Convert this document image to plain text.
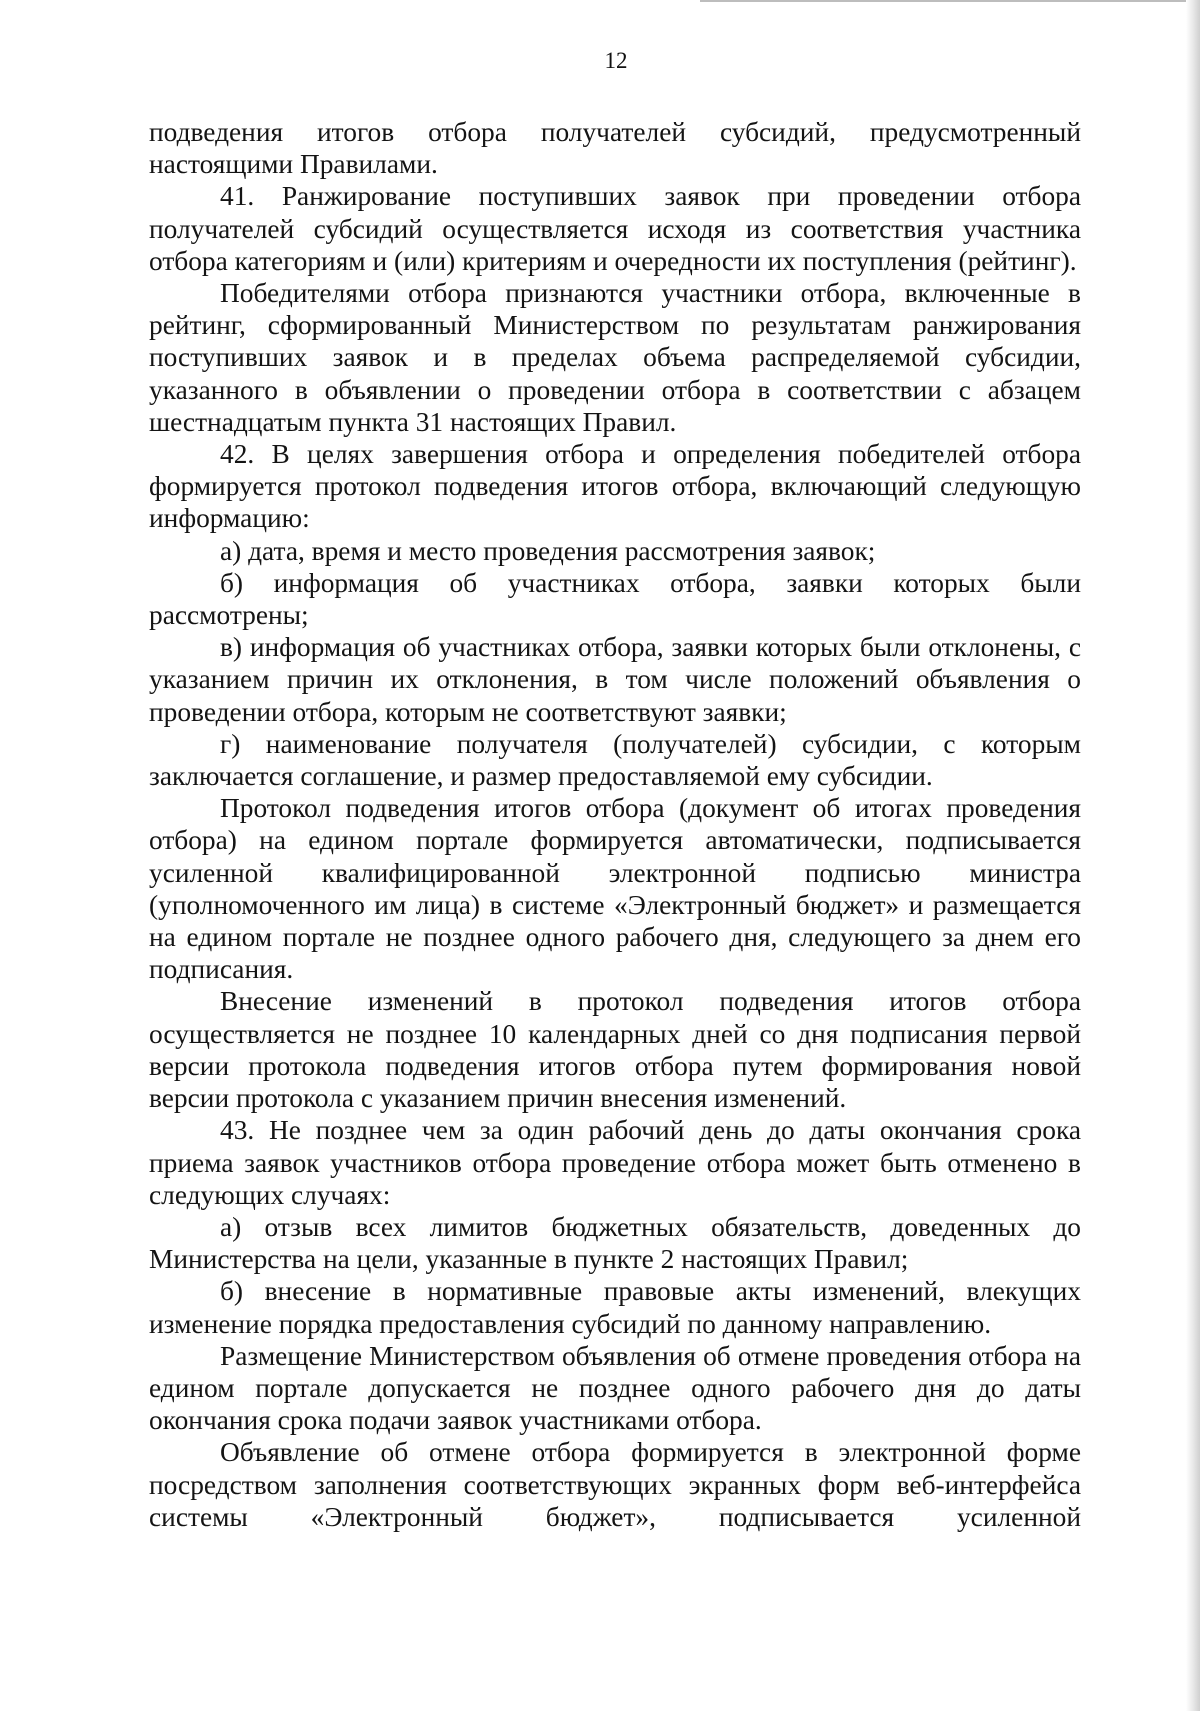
12

подведения итогов отбора получателей субсидий, предусмотренный настоящими Правилами.

41. Ранжирование поступивших заявок при проведении отбора получателей субсидий осуществляется исходя из соответствия участника отбора категориям и (или) критериям и очередности их поступления (рейтинг).

Победителями отбора признаются участники отбора, включенные в рейтинг, сформированный Министерством по результатам ранжирования поступивших заявок и в пределах объема распределяемой субсидии, указанного в объявлении о проведении отбора в соответствии с абзацем шестнадцатым пункта 31 настоящих Правил.

42. В целях завершения отбора и определения победителей отбора формируется протокол подведения итогов отбора, включающий следующую информацию:

а) дата, время и место проведения рассмотрения заявок;

б) информация об участниках отбора, заявки которых были рассмотрены;

в) информация об участниках отбора, заявки которых были отклонены, с указанием причин их отклонения, в том числе положений объявления о проведении отбора, которым не соответствуют заявки;

г) наименование получателя (получателей) субсидии, с которым заключается соглашение, и размер предоставляемой ему субсидии.

Протокол подведения итогов отбора (документ об итогах проведения отбора) на едином портале формируется автоматически, подписывается усиленной квалифицированной электронной подписью министра (уполномоченного им лица) в системе «Электронный бюджет» и размещается на едином портале не позднее одного рабочего дня, следующего за днем его подписания.

Внесение изменений в протокол подведения итогов отбора осуществляется не позднее 10 календарных дней со дня подписания первой версии протокола подведения итогов отбора путем формирования новой версии протокола с указанием причин внесения изменений.

43. Не позднее чем за один рабочий день до даты окончания срока приема заявок участников отбора проведение отбора может быть отменено в следующих случаях:

а) отзыв всех лимитов бюджетных обязательств, доведенных до Министерства на цели, указанные в пункте 2 настоящих Правил;

б) внесение в нормативные правовые акты изменений, влекущих изменение порядка предоставления субсидий по данному направлению.

Размещение Министерством объявления об отмене проведения отбора на едином портале допускается не позднее одного рабочего дня до даты окончания срока подачи заявок участниками отбора.

Объявление об отмене отбора формируется в электронной форме посредством заполнения соответствующих экранных форм веб-интерфейса системы «Электронный бюджет», подписывается усиленной
